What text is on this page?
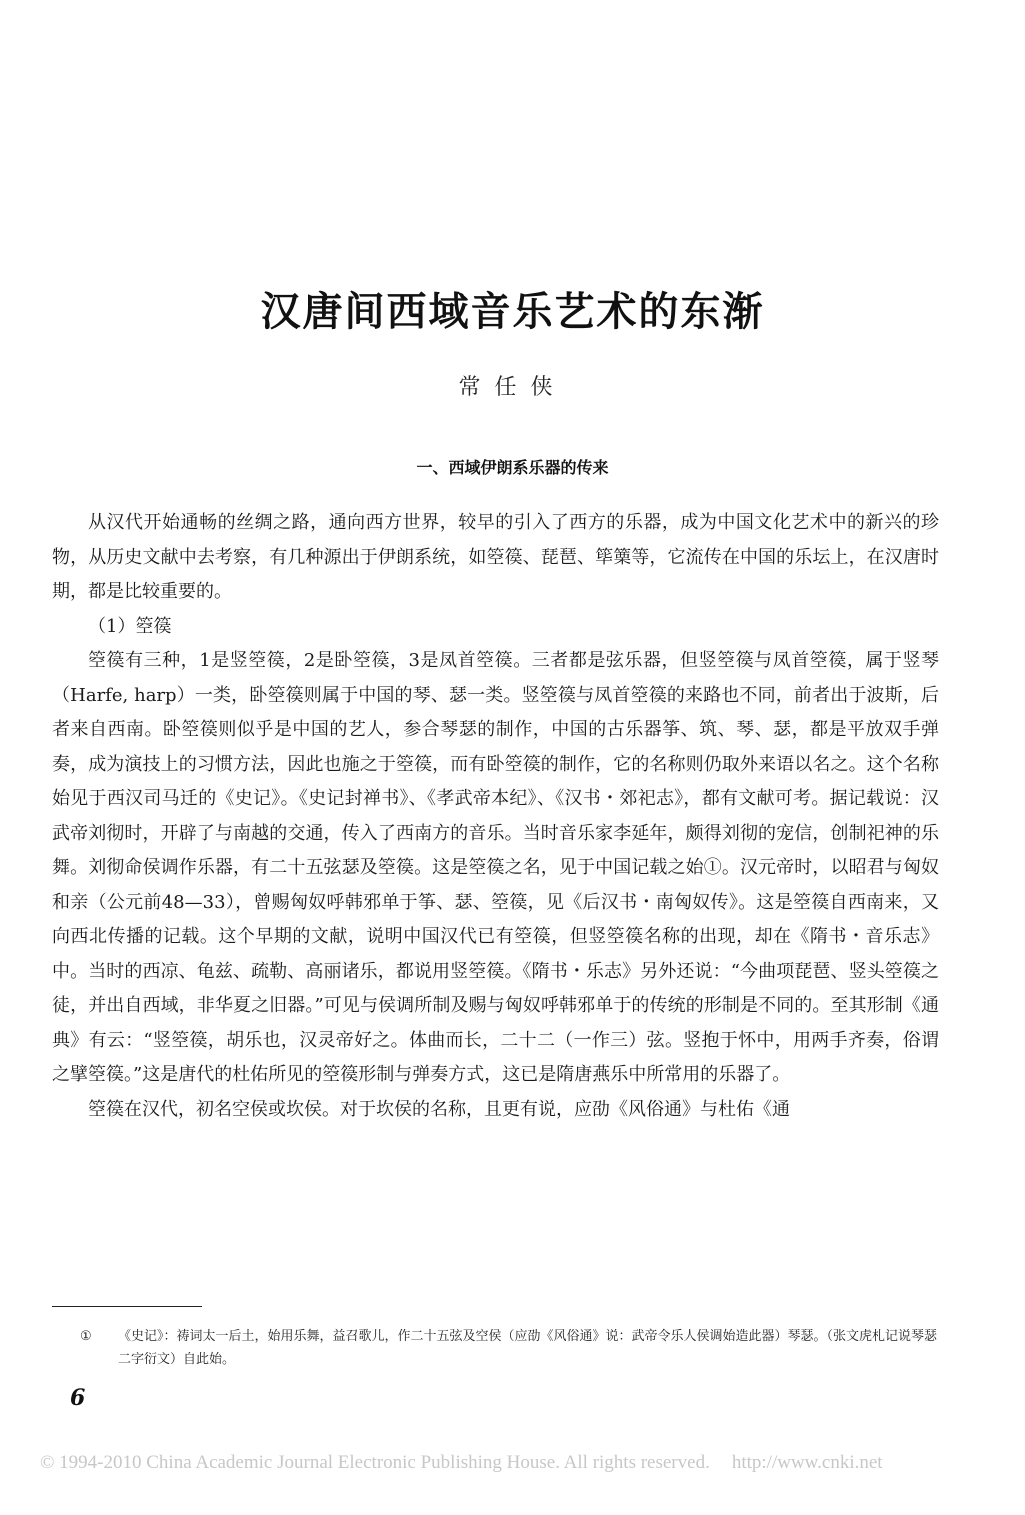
汉唐间西域音乐艺术的东渐
常任侠
一、西域伊朗系乐器的传来

从汉代开始通畅的丝绸之路，通向西方世界，较早的引入了西方的乐器，成为中国文化艺术中的新兴的珍物，从历史文献中去考察，有几种源出于伊朗系统，如箜篌、琵琶、筚篥等，它流传在中国的乐坛上，在汉唐时期，都是比较重要的。

（1）箜篌

箜篌有三种，1是竖箜篌，2是卧箜篌，3是凤首箜篌。三者都是弦乐器，但竖箜篌与凤首箜篌，属于竖琴（Harfe, harp）一类，卧箜篌则属于中国的琴、瑟一类。竖箜篌与凤首箜篌的来路也不同，前者出于波斯，后者来自西南。卧箜篌则似乎是中国的艺人，参合琴瑟的制作，中国的古乐器筝、筑、琴、瑟，都是平放双手弹奏，成为演技上的习惯方法，因此也施之于箜篌，而有卧箜篌的制作，它的名称则仍取外来语以名之。这个名称始见于西汉司马迁的《史记》。《史记封禅书》、《孝武帝本纪》、《汉书・郊祀志》，都有文献可考。据记载说：汉武帝刘彻时，开辟了与南越的交通，传入了西南方的音乐。当时音乐家李延年，颇得刘彻的宠信，创制祀神的乐舞。刘彻命侯调作乐器，有二十五弦瑟及箜篌。这是箜篌之名，见于中国记载之始①。汉元帝时，以昭君与匈奴和亲（公元前48—33），曾赐匈奴呼韩邪单于筝、瑟、箜篌，见《后汉书・南匈奴传》。这是箜篌自西南来，又向西北传播的记载。这个早期的文献，说明中国汉代已有箜篌，但竖箜篌名称的出现，却在《隋书・音乐志》中。当时的西凉、龟兹、疏勒、高丽诸乐，都说用竖箜篌。《隋书・乐志》另外还说：“今曲项琵琶、竖头箜篌之徒，并出自西域，非华夏之旧器。”可见与侯调所制及赐与匈奴呼韩邪单于的传统的形制是不同的。至其形制《通典》有云：“竖箜篌，胡乐也，汉灵帝好之。体曲而长，二十二（一作三）弦。竖抱于怀中，用两手齐奏，俗谓之擘箜篌。”这是唐代的杜佑所见的箜篌形制与弹奏方式，这已是隋唐燕乐中所常用的乐器了。

箜篌在汉代，初名空侯或坎侯。对于坎侯的名称，且更有说，应劭《风俗通》与杜佑《通

① 《史记》：祷词太一后土，始用乐舞，益召歌儿，作二十五弦及空侯（应劭《风俗通》说：武帝令乐人侯调始造此器）琴瑟。（张文虎札记说琴瑟二字衍文）自此始。
6
© 1994-2010 China Academic Journal Electronic Publishing House. All rights reserved. http://www.cnki.net
